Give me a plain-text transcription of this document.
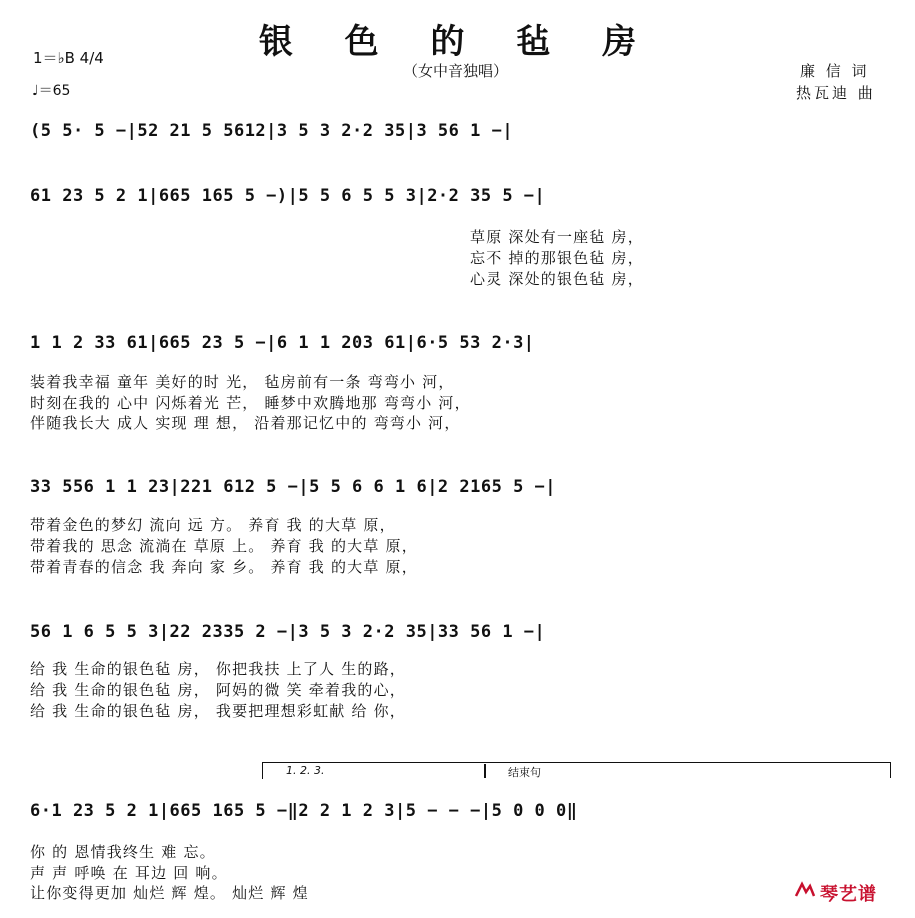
银 色 的 毡 房
（女中音独唱）
1＝♭B 4/4
♩＝65
廉 信 词
热瓦迪 曲
(5 5· 5 −|52 21 5 5612|3 5 3 2·2 35|3 56 1 −|
61 23 5 2 1|665 165 5 −)|5 5 6 5 5 3|2·2 35 5 −|
草原 深处有一座毡 房，
忘不 掉的那银色毡 房，
心灵 深处的银色毡 房，
1 1 2 33 61|665 23 5 −|6 1 1 203 61|6·5 53 2·3|
装着我幸福 童年 美好的时 光， 毡房前有一条 弯弯小 河，
时刻在我的 心中 闪烁着光 芒， 睡梦中欢腾地那 弯弯小 河，
伴随我长大 成人 实现 理 想， 沿着那记忆中的 弯弯小 河，
33 556 1 1 23|221 612 5 −|5 5 6 6 1 6|2 2165 5 −|
带着金色的梦幻 流向 远 方。 养育 我 的大草 原，
带着我的 思念 流淌在 草原 上。 养育 我 的大草 原，
带着青春的信念 我 奔向 家 乡。 养育 我 的大草 原，
56 1 6 5 5 3|22 2335 2 −|3 5 3 2·2 35|33 56 1 −|
给 我 生命的银色毡 房， 你把我扶 上了人 生的路，
给 我 生命的银色毡 房， 阿妈的微 笑 牵着我的心，
给 我 生命的银色毡 房， 我要把理想彩虹献 给 你，
1. 2. 3.	结束句
6·1 23 5 2 1|665 165 5 −‖2 2 1 2 3|5 − − −|5 0 0 0‖
你 的 恩情我终生 难 忘。
声 声 呼唤 在 耳边 回 响。
让你变得更加 灿烂 辉 煌。 灿烂 辉 煌	琴艺谱
